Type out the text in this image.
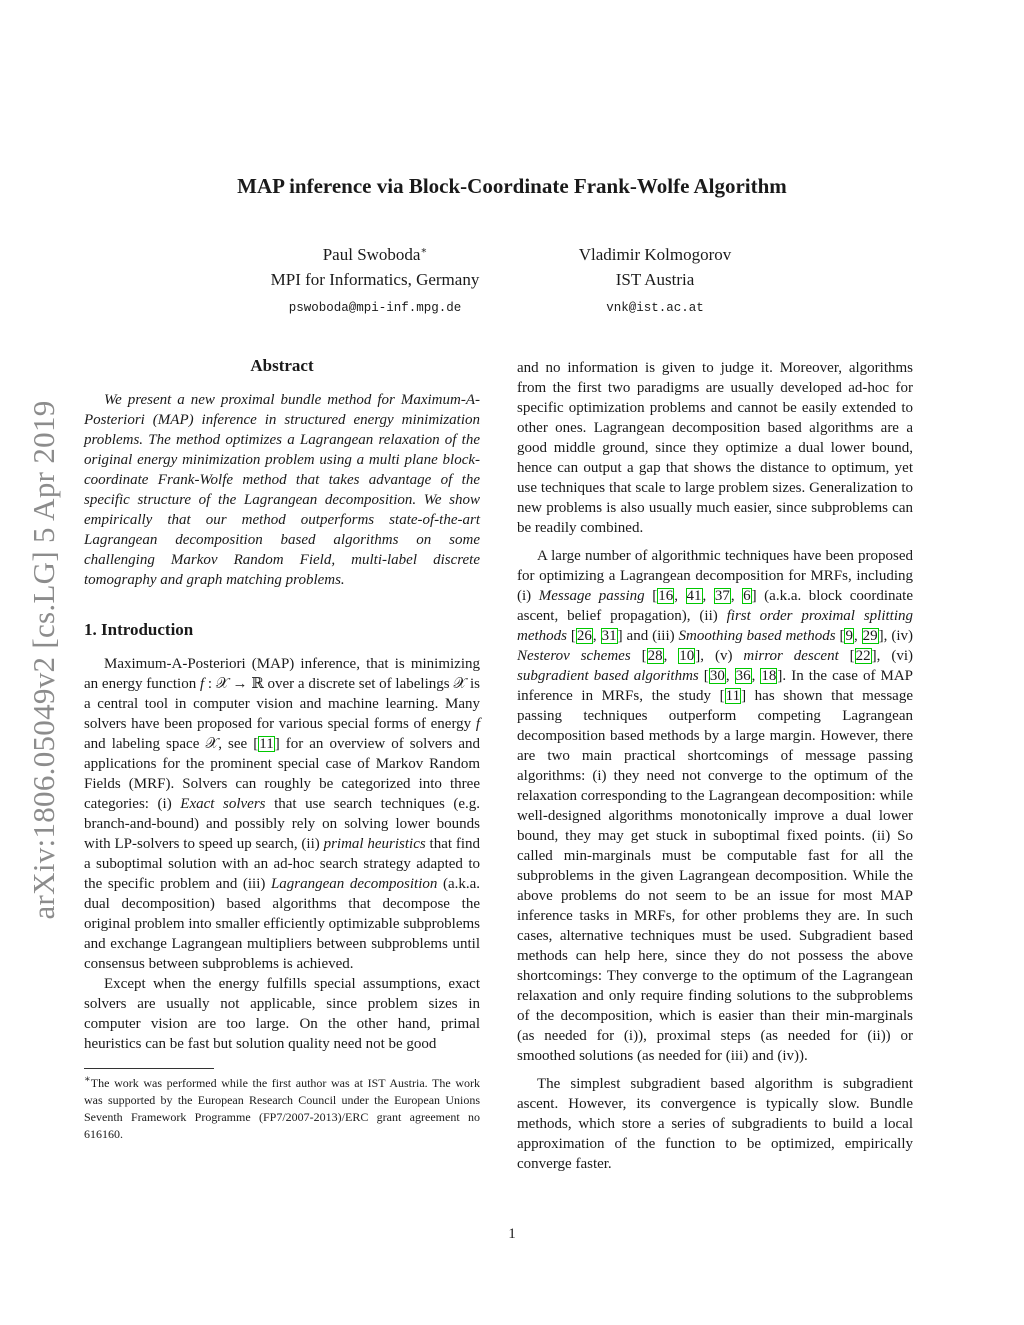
MAP inference via Block-Coordinate Frank-Wolfe Algorithm
Paul Swoboda∗
MPI for Informatics, Germany
pswoboda@mpi-inf.mpg.de
Vladimir Kolmogorov
IST Austria
vnk@ist.ac.at
arXiv:1806.05049v2 [cs.LG] 5 Apr 2019
Abstract

We present a new proximal bundle method for Maximum-A-Posteriori (MAP) inference in structured energy minimization problems. The method optimizes a Lagrangean relaxation of the original energy minimization problem using a multi plane block-coordinate Frank-Wolfe method that takes advantage of the specific structure of the Lagrangean decomposition. We show empirically that our method outperforms state-of-the-art Lagrangean decomposition based algorithms on some challenging Markov Random Field, multi-label discrete tomography and graph matching problems.

1. Introduction

Maximum-A-Posteriori (MAP) inference, that is minimizing an energy function f : 𝒳 → ℝ over a discrete set of labelings 𝒳 is a central tool in computer vision and machine learning. Many solvers have been proposed for various special forms of energy f and labeling space 𝒳, see [11] for an overview of solvers and applications for the prominent special case of Markov Random Fields (MRF). Solvers can roughly be categorized into three categories: (i) Exact solvers that use search techniques (e.g. branch-and-bound) and possibly rely on solving lower bounds with LP-solvers to speed up search, (ii) primal heuristics that find a suboptimal solution with an ad-hoc search strategy adapted to the specific problem and (iii) Lagrangean decomposition (a.k.a. dual decomposition) based algorithms that decompose the original problem into smaller efficiently optimizable subproblems and exchange Lagrangean multipliers between subproblems until consensus between subproblems is achieved.

Except when the energy fulfills special assumptions, exact solvers are usually not applicable, since problem sizes in computer vision are too large. On the other hand, primal heuristics can be fast but solution quality need not be good

∗The work was performed while the first author was at IST Austria. The work was supported by the European Research Council under the European Unions Seventh Framework Programme (FP7/2007-2013)/ERC grant agreement no 616160.

and no information is given to judge it. Moreover, algorithms from the first two paradigms are usually developed ad-hoc for specific optimization problems and cannot be easily extended to other ones. Lagrangean decomposition based algorithms are a good middle ground, since they optimize a dual lower bound, hence can output a gap that shows the distance to optimum, yet use techniques that scale to large problem sizes. Generalization to new problems is also usually much easier, since subproblems can be readily combined.

A large number of algorithmic techniques have been proposed for optimizing a Lagrangean decomposition for MRFs, including (i) Message passing [16, 41, 37, 6] (a.k.a. block coordinate ascent, belief propagation), (ii) first order proximal splitting methods [26, 31] and (iii) Smoothing based methods [9, 29], (iv) Nesterov schemes [28, 10], (v) mirror descent [22], (vi) subgradient based algorithms [30, 36, 18]. In the case of MAP inference in MRFs, the study [11] has shown that message passing techniques outperform competing Lagrangean decomposition based methods by a large margin. However, there are two main practical shortcomings of message passing algorithms: (i) they need not converge to the optimum of the relaxation corresponding to the Lagrangean decomposition: while well-designed algorithms monotonically improve a dual lower bound, they may get stuck in suboptimal fixed points. (ii) So called min-marginals must be computable fast for all the subproblems in the given Lagrangean decomposition. While the above problems do not seem to be an issue for most MAP inference tasks in MRFs, for other problems they are. In such cases, alternative techniques must be used. Subgradient based methods can help here, since they do not possess the above shortcomings: They converge to the optimum of the Lagrangean relaxation and only require finding solutions to the subproblems of the decomposition, which is easier than their min-marginals (as needed for (i)), proximal steps (as needed for (ii)) or smoothed solutions (as needed for (iii) and (iv)).

The simplest subgradient based algorithm is subgradient ascent. However, its convergence is typically slow. Bundle methods, which store a series of subgradients to build a local approximation of the function to be optimized, empirically converge faster.

1
